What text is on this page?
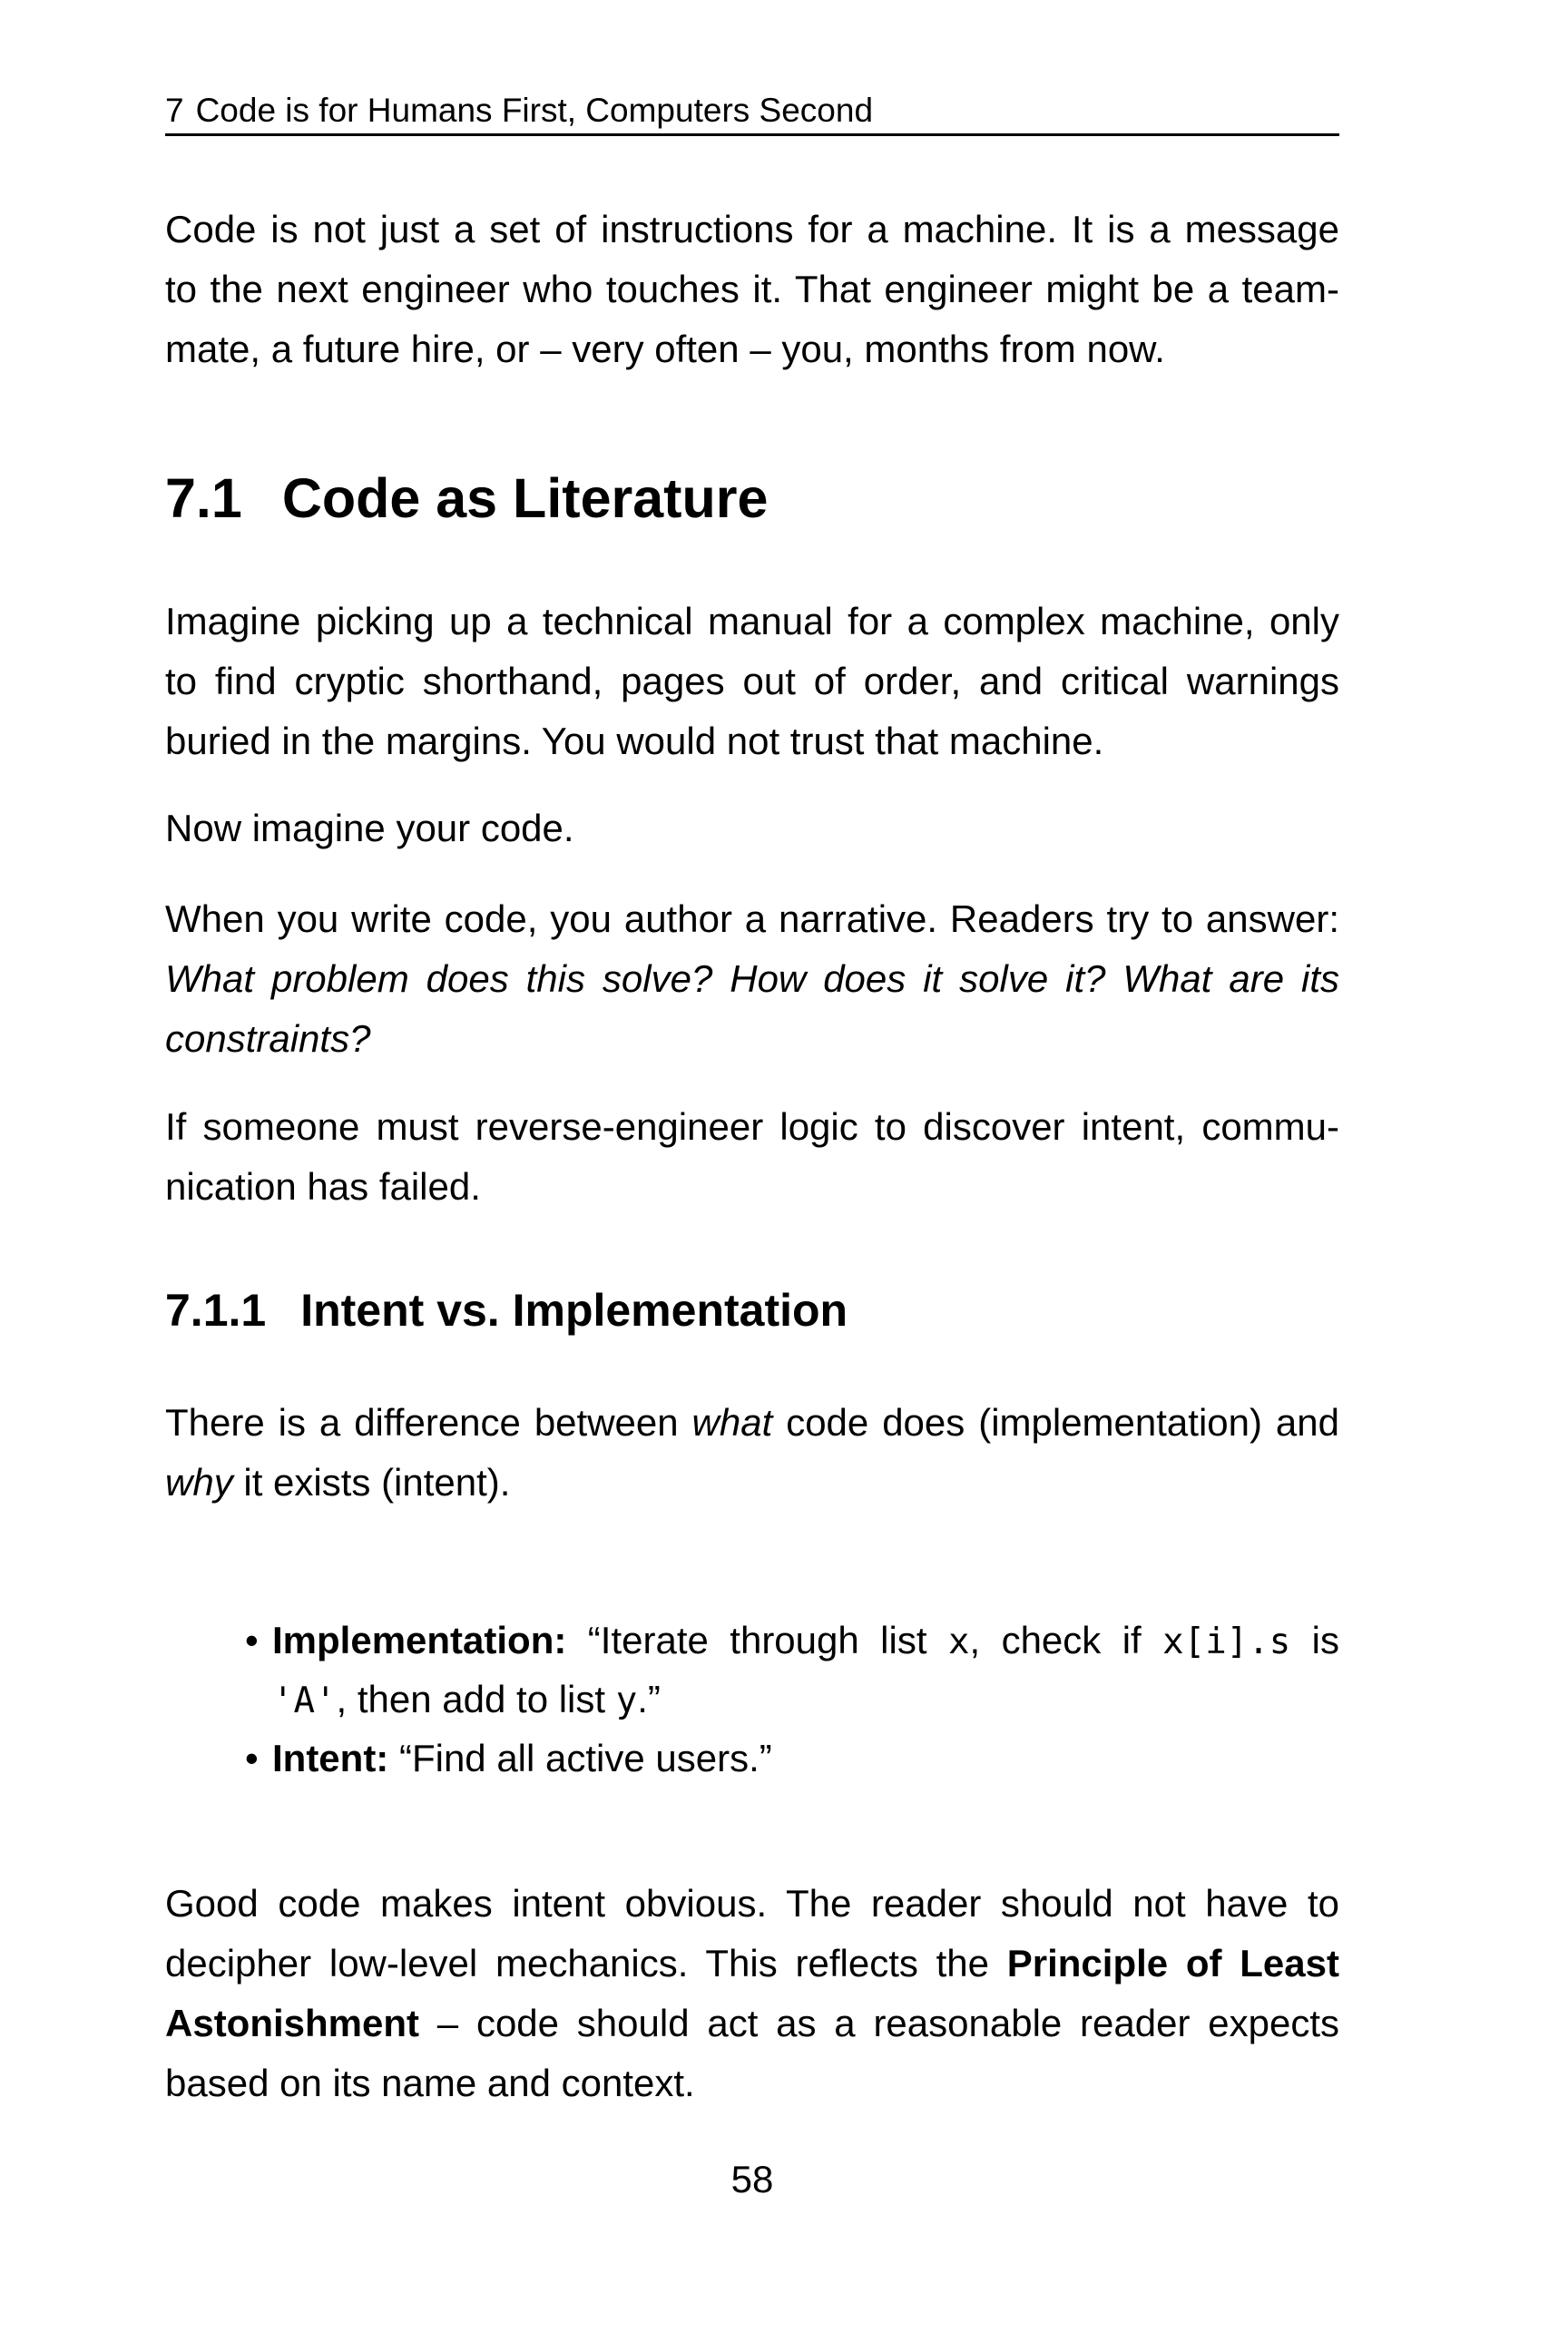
7 Code is for Humans First, Computers Second
Code is not just a set of instructions for a machine. It is a message
to the next engineer who touches it. That engineer might be a team-
mate, a future hire, or – very often – you, months from now.
7.1 Code as Literature
Imagine picking up a technical manual for a complex machine, only
to find cryptic shorthand, pages out of order, and critical warnings
buried in the margins. You would not trust that machine.
Now imagine your code.
When you write code, you author a narrative. Readers try to answer:
What problem does this solve? How does it solve it? What are its
constraints?
If someone must reverse-engineer logic to discover intent, commu-
nication has failed.
7.1.1 Intent vs. Implementation
There is a difference between what code does (implementation) and
why it exists (intent).
• Implementation: “Iterate through list x, check if x[i].s is
'A', then add to list y.”
• Intent: “Find all active users.”
Good code makes intent obvious. The reader should not have to
decipher low-level mechanics. This reflects the Principle of Least
Astonishment – code should act as a reasonable reader expects
based on its name and context.
58
